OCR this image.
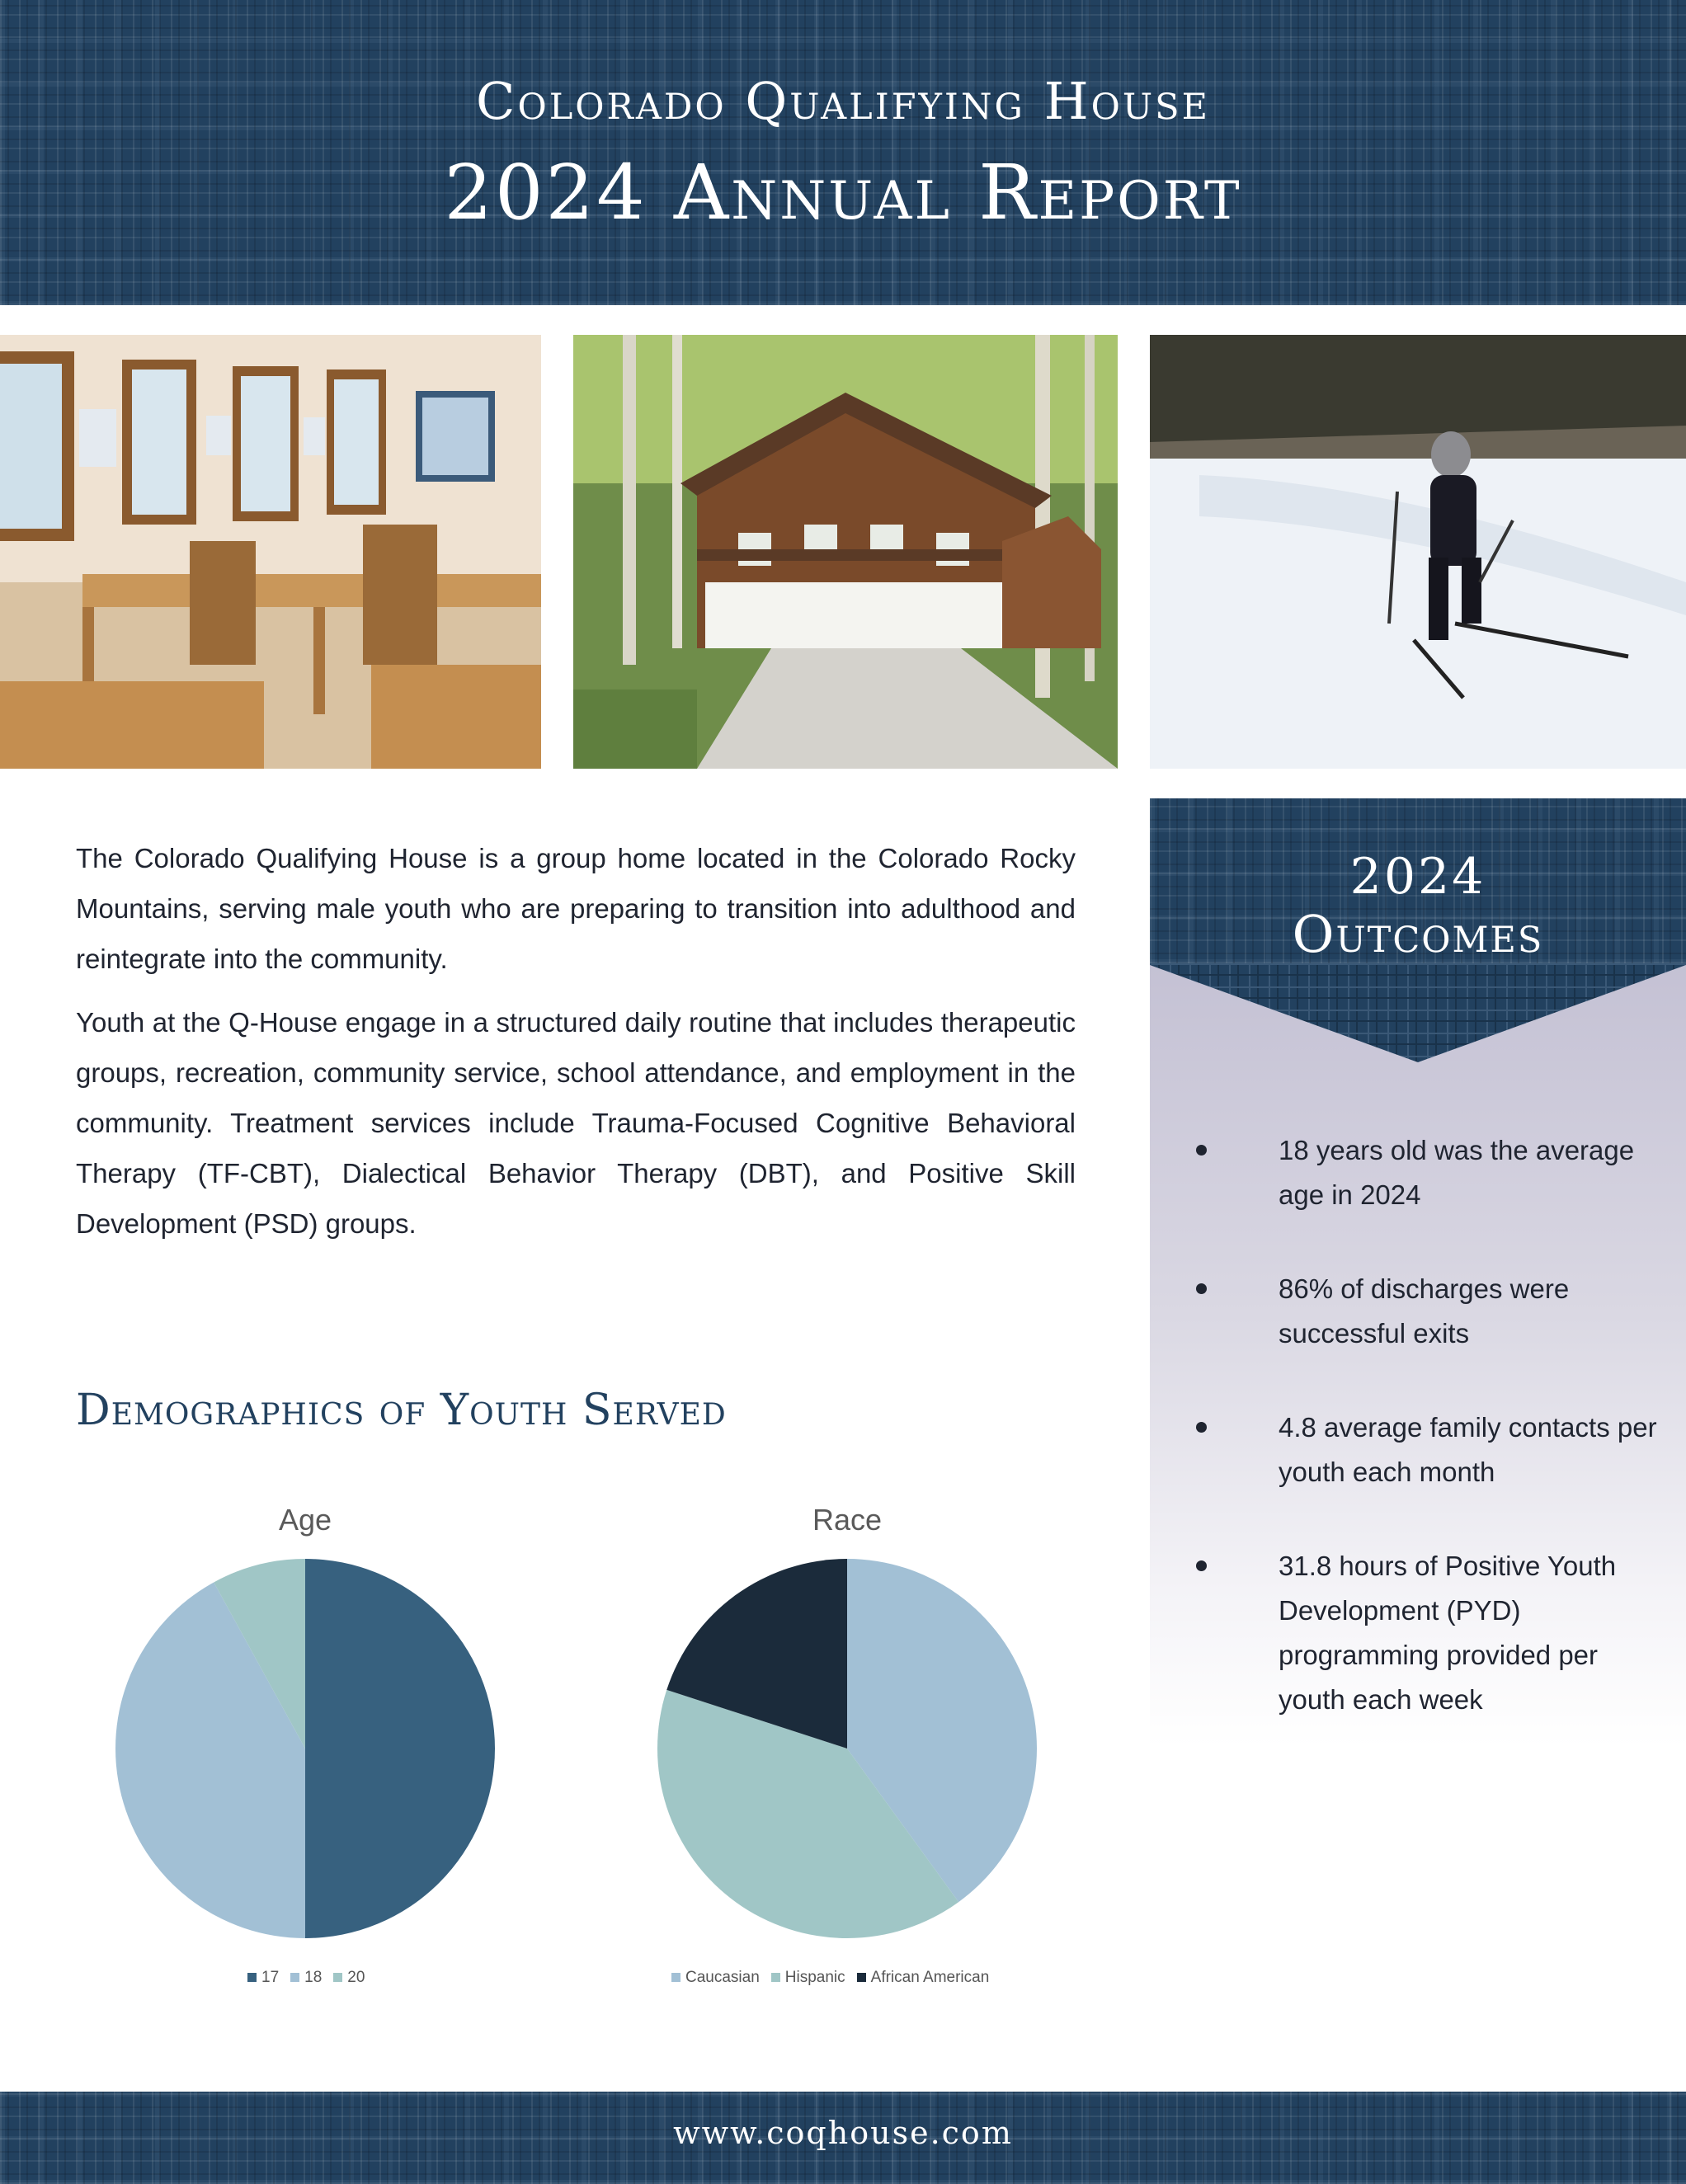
Colorado Qualifying House
2024 Annual Report

The Colorado Qualifying House is a group home located in the Colorado Rocky Mountains, serving male youth who are preparing to transition into adulthood and reintegrate into the community.

Youth at the Q-House engage in a structured daily routine that includes therapeutic groups, recreation, community service, school attendance, and employment in the community. Treatment services include Trauma-Focused Cognitive Behavioral Therapy (TF-CBT), Dialectical Behavior Therapy (DBT), and Positive Skill Development (PSD) groups.

Demographics of Youth Served
Age
17 18 20
Race
Caucasian Hispanic African American
2024
Outcomes
18 years old was the average age in 2024
86% of discharges were successful exits
4.8 average family contacts per youth each month
31.8 hours of Positive Youth Development (PYD) programming provided per youth each week
www.coqhouse.com
